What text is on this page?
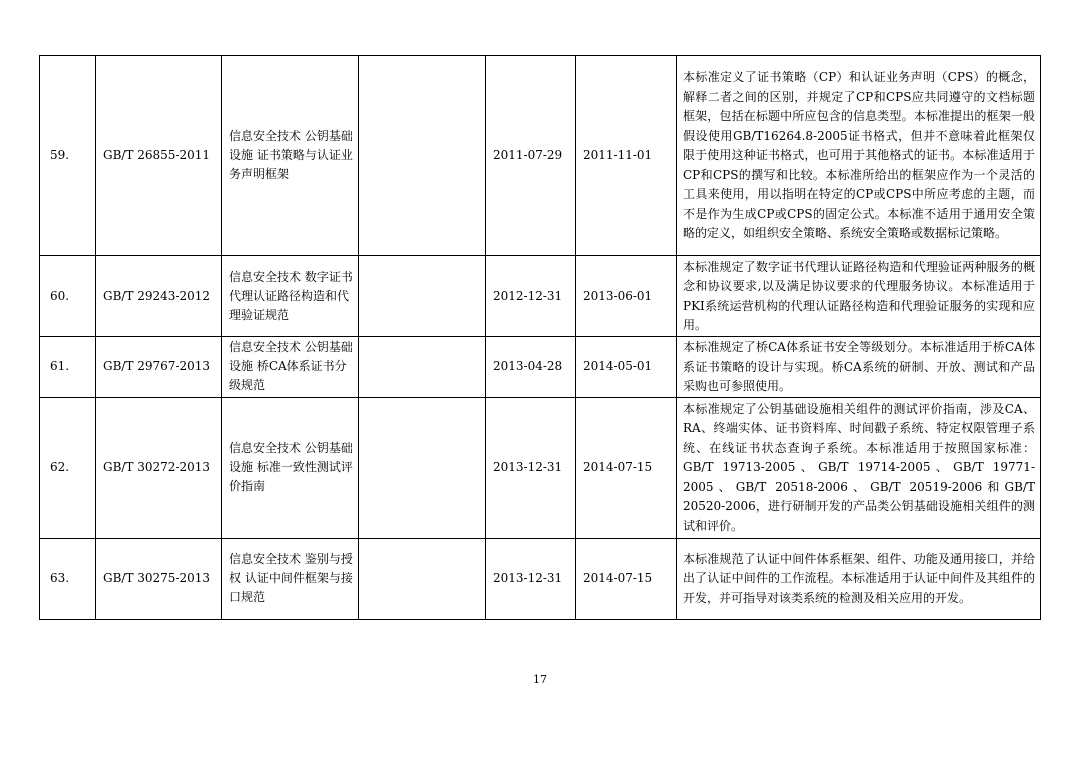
59.	GB/T 26855-2011	信息安全技术 公钥基础设施 证书策略与认证业务声明框架		2011-07-29	2011-11-01	本标准定义了证书策略（CP）和认证业务声明（CPS）的概念，解释二者之间的区别，并规定了CP和CPS应共同遵守的文档标题框架，包括在标题中所应包含的信息类型。本标准提出的框架一般假设使用GB/T16264.8-2005证书格式，但并不意味着此框架仅限于使用这种证书格式，也可用于其他格式的证书。本标准适用于CP和CPS的撰写和比较。本标准所给出的框架应作为一个灵活的工具来使用，用以指明在特定的CP或CPS中所应考虑的主题，而不是作为生成CP或CPS的固定公式。本标准不适用于通用安全策略的定义，如组织安全策略、系统安全策略或数据标记策略。
60.	GB/T 29243-2012	信息安全技术 数字证书代理认证路径构造和代理验证规范		2012-12-31	2013-06-01	本标准规定了数字证书代理认证路径构造和代理验证两种服务的概念和协议要求,以及满足协议要求的代理服务协议。本标准适用于PKI系统运营机构的代理认证路径构造和代理验证服务的实现和应用。
61.	GB/T 29767-2013	信息安全技术 公钥基础设施 桥CA体系证书分级规范		2013-04-28	2014-05-01	本标准规定了桥CA体系证书安全等级划分。本标准适用于桥CA体系证书策略的设计与实现。桥CA系统的研制、开放、测试和产品采购也可参照使用。
62.	GB/T 30272-2013	信息安全技术 公钥基础设施 标准一致性测试评价指南		2013-12-31	2014-07-15	本标准规定了公钥基础设施相关组件的测试评价指南，涉及CA、RA、终端实体、证书资料库、时间戳子系统、特定权限管理子系统、在线证书状态查询子系统。本标准适用于按照国家标准：GB/T 19713-2005、GB/T 19714-2005、GB/T 19771-2005、GB/T 20518-2006、GB/T 20519-2006和GB/T 20520-2006，进行研制开发的产品类公钥基础设施相关组件的测试和评价。
63.	GB/T 30275-2013	信息安全技术 鉴别与授权 认证中间件框架与接口规范		2013-12-31	2014-07-15	本标准规范了认证中间件体系框架、组件、功能及通用接口，并给出了认证中间件的工作流程。本标准适用于认证中间件及其组件的开发，并可指导对该类系统的检测及相关应用的开发。
17
